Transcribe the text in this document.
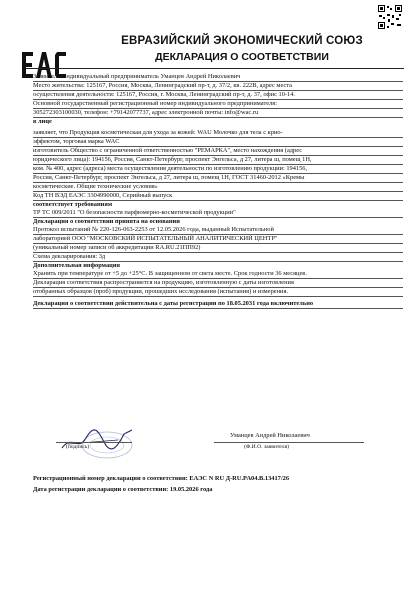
ЕВРАЗИЙСКИЙ ЭКОНОМИЧЕСКИЙ СОЮЗ
ДЕКЛАРАЦИЯ О СООТВЕТСТВИИ
Заявитель Индивидуальный предприниматель Уманцев Андрей Николаевич
Место жительства: 125167, Россия, Москва, Ленинградский пр-т, д. 37/2, кв. 222В, адрес места
осуществления деятельности: 125167, Россия, г. Москва, Ленинградский пр-т, д. 37, офис 10-14.
Основной государственный регистрационный номер индивидуального предпринимателя:
305272303100030, телефон: +79142077737, адрес электронной почты: info@wac.ru
в лице
заявляет, что Продукция косметическая для ухода за кожей: WAU Молочко для тела с крио-
эффектом, торговая марка WAC
изготовитель Общество с ограниченной ответственностью "РЕМАРКА", место нахождения (адрес
юридического лица): 194156, Россия, Санкт-Петербург, проспект Энгельса, д 27, литера ш, помещ 1Н,
ком. № 400, адрес (адреса) места осуществления деятельности по изготовлению продукции: 194156,
Россия, Санкт-Петербург, проспект Энгельса, д 27, литера ш, помещ 1Н, ГОСТ 31460-2012 «Кремы
косметические. Общие технические условия»
Код ТН ВЭД ЕАЭС 3304990000, Серийный выпуск
соответствует требованиям
ТР ТС 009/2011 "О безопасности парфюмерно-косметической продукции"
Декларация о соответствии принята на основании
Протокол испытаний № 220-126-063-2253 от 12.05.2026 года, выданный Испытательной
лабораторией ООО "МОСКОВСКИЙ ИСПЫТАТЕЛЬНЫЙ АНАЛИТИЧЕСКИЙ ЦЕНТР"
(уникальный номер записи об аккредитации RA.RU.21ПП92)
Схема декларирования: 3д
Дополнительная информация
Хранить при температуре от +5 до +25°С. В защищенном от света месте. Срок годности 36 месяцев.
Декларация соответствия распространяется на продукцию, изготовленную с даты изготовления
отобранных образцов (проб) продукции, прошедших исследования (испытания) и измерения.
Декларация о соответствии действительна с даты регистрации по 18.05.2031 года включительно
(подпись)
Уманцев Андрей Николаевич
(Ф.И.О. заявителя)
Регистрационный номер декларации о соответствии: ЕАЭС N RU Д-RU.PA04.B.13417/26
Дата регистрации декларации о соответствии: 19.05.2026 года
